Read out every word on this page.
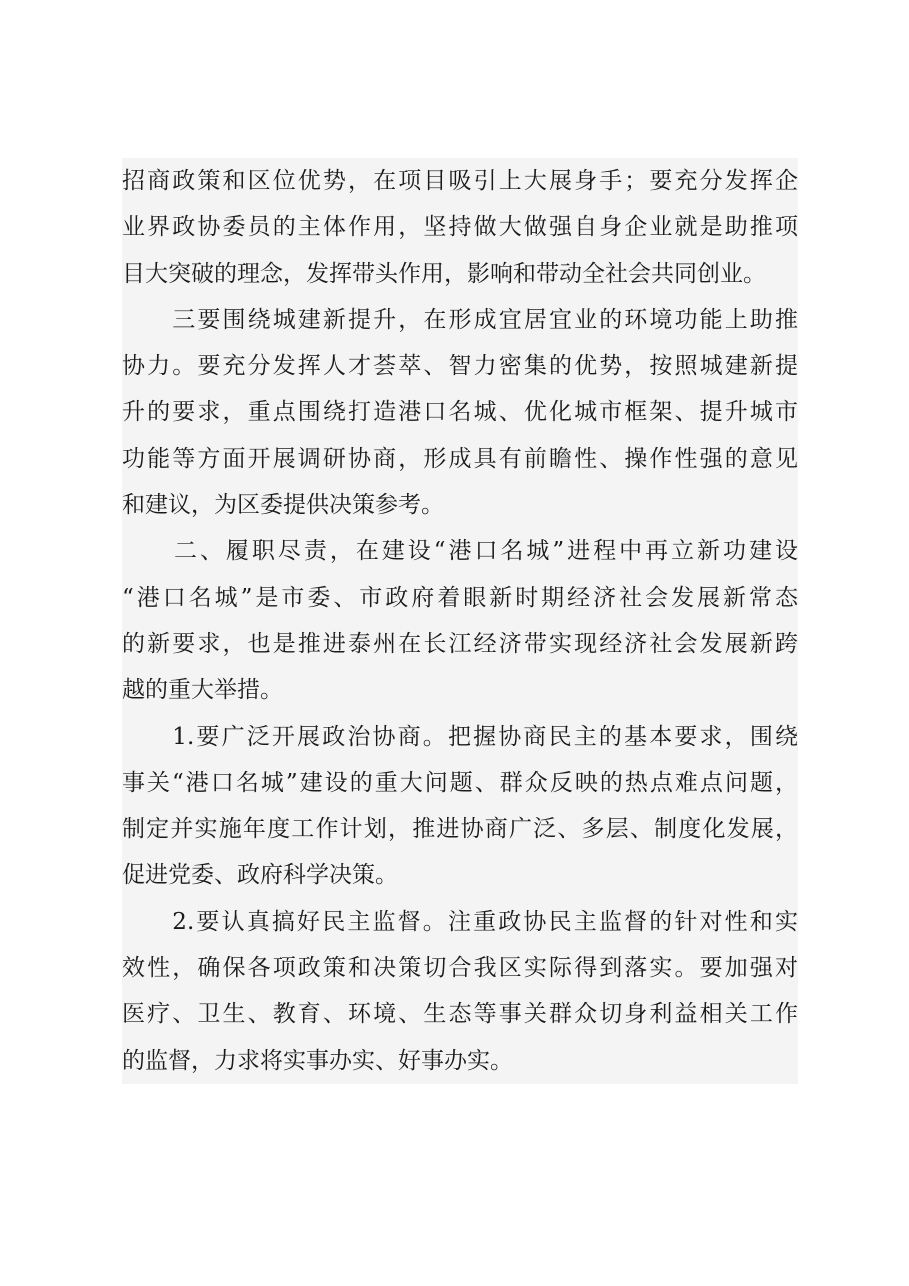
招商政策和区位优势，在项目吸引上大展身手；要充分发挥企
业界政协委员的主体作用，坚持做大做强自身企业就是助推项
目大突破的理念，发挥带头作用，影响和带动全社会共同创业。
　　三要围绕城建新提升，在形成宜居宜业的环境功能上助推
协力。要充分发挥人才荟萃、智力密集的优势，按照城建新提
升的要求，重点围绕打造港口名城、优化城市框架、提升城市
功能等方面开展调研协商，形成具有前瞻性、操作性强的意见
和建议，为区委提供决策参考。
　　二、履职尽责，在建设“港口名城”进程中再立新功建设
“港口名城”是市委、市政府着眼新时期经济社会发展新常态
的新要求，也是推进泰州在长江经济带实现经济社会发展新跨
越的重大举措。
　　1.要广泛开展政治协商。把握协商民主的基本要求，围绕
事关“港口名城”建设的重大问题、群众反映的热点难点问题，
制定并实施年度工作计划，推进协商广泛、多层、制度化发展，
促进党委、政府科学决策。
　　2.要认真搞好民主监督。注重政协民主监督的针对性和实
效性，确保各项政策和决策切合我区实际得到落实。要加强对
医疗、卫生、教育、环境、生态等事关群众切身利益相关工作
的监督，力求将实事办实、好事办实。
